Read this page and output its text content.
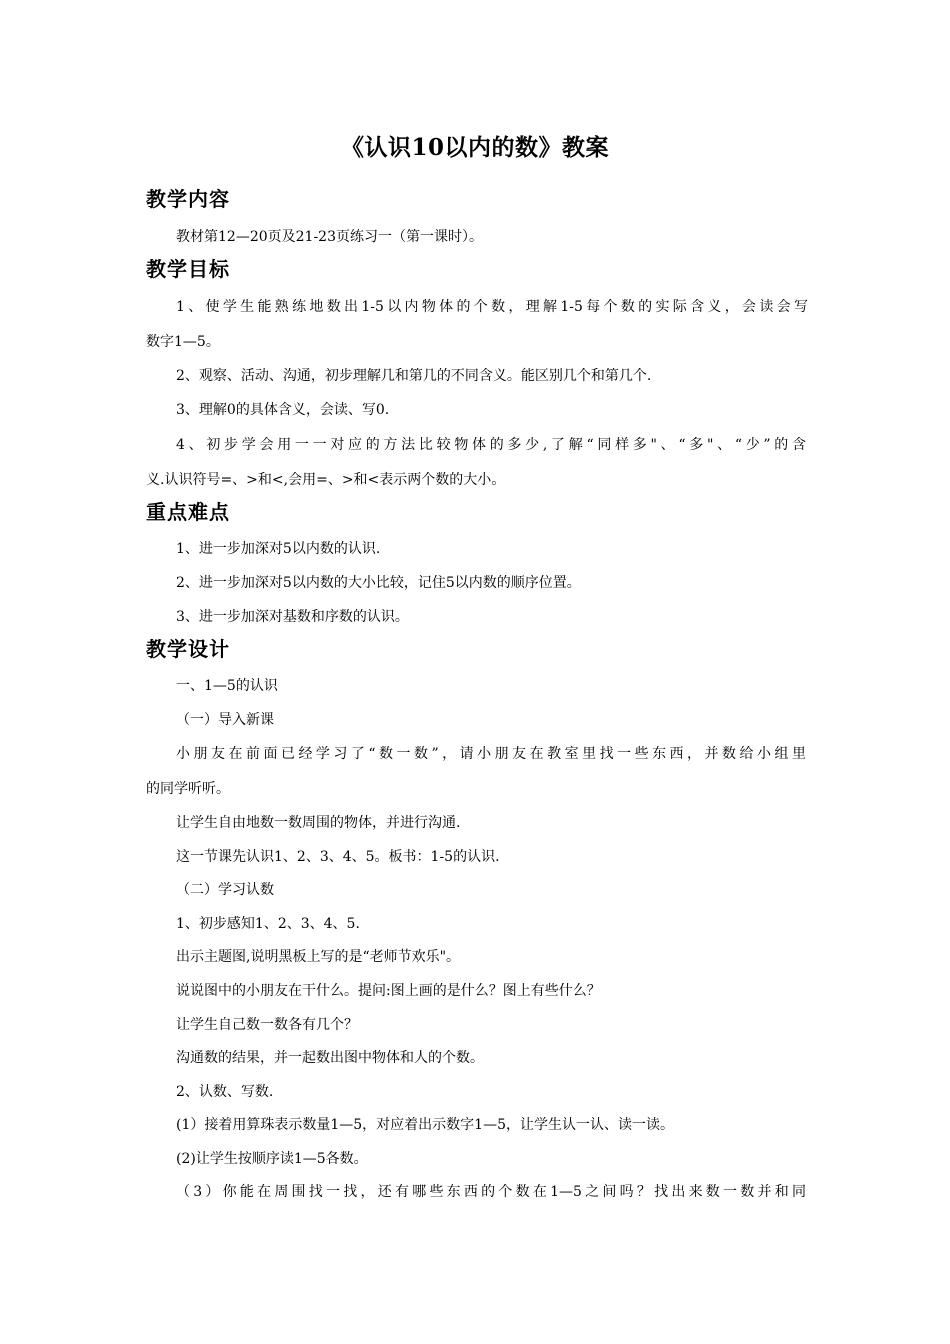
《认识10以内的数》教案
教学内容
教材第12—20页及21-23页练习一（第一课时）。
教学目标
1、使学生能熟练地数出1-5以内物体的个数，理解1-5每个数的实际含义，会读会写
数字1—5。
2、观察、活动、沟通，初步理解几和第几的不同含义。能区别几个和第几个.
3、理解0的具体含义，会读、写0.
4、初步学会用一一对应的方法比较物体的多少,了解“同样多"、“多"、“少”的含
义.认识符号=、>和<,会用=、>和<表示两个数的大小。
重点难点
1、进一步加深对5以内数的认识.
2、进一步加深对5以内数的大小比较，记住5以内数的顺序位置。
3、进一步加深对基数和序数的认识。
教学设计
一、1—5的认识
（一）导入新课
小朋友在前面已经学习了“数一数”，请小朋友在教室里找一些东西，并数给小组里
的同学听听。
让学生自由地数一数周围的物体，并进行沟通.
这一节课先认识1、2、3、4、5。板书：1-5的认识.
（二）学习认数
1、初步感知1、2、3、4、5.
出示主题图,说明黑板上写的是“老师节欢乐"。
说说图中的小朋友在干什么。提问:图上画的是什么？图上有些什么？
让学生自己数一数各有几个？
沟通数的结果，并一起数出图中物体和人的个数。
2、认数、写数.
(1）接着用算珠表示数量1—5，对应着出示数字1—5，让学生认一认、读一读。
(2)让学生按顺序读1—5各数。
（3）你能在周围找一找，还有哪些东西的个数在1—5之间吗？找出来数一数并和同
